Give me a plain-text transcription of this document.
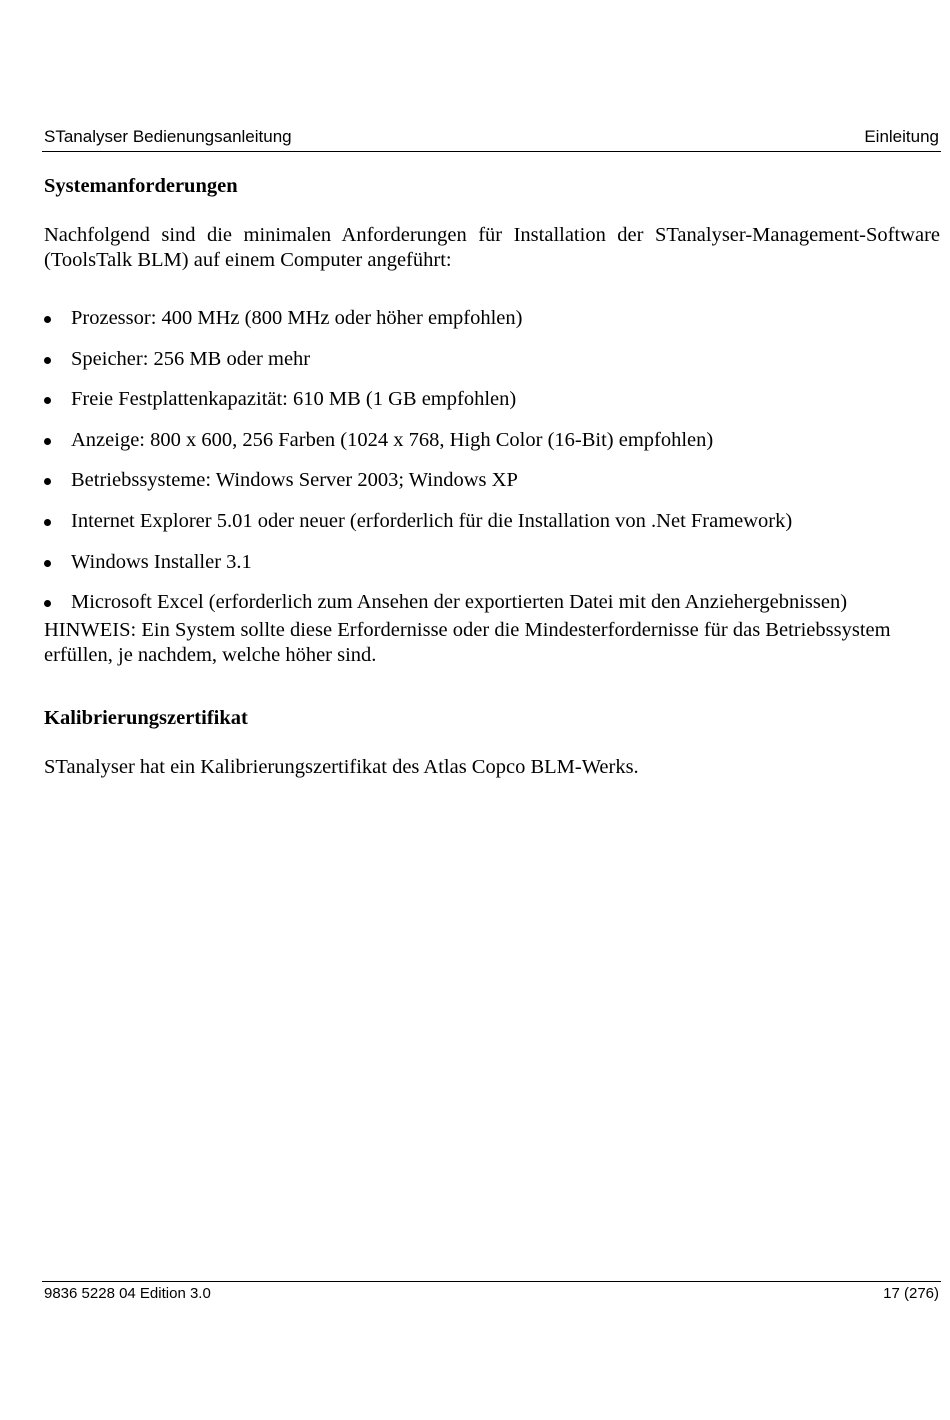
STanalyser Bedienungsanleitung	Einleitung
Systemanforderungen
Nachfolgend sind die minimalen Anforderungen für Installation der STanalyser-Management-Software (ToolsTalk BLM) auf einem Computer angeführt:
Prozessor: 400 MHz (800 MHz oder höher empfohlen)
Speicher: 256 MB oder mehr
Freie Festplattenkapazität: 610 MB (1 GB empfohlen)
Anzeige: 800 x 600, 256 Farben (1024 x 768, High Color (16-Bit) empfohlen)
Betriebssysteme: Windows Server 2003; Windows XP
Internet Explorer 5.01 oder neuer (erforderlich für die Installation von .Net Framework)
Windows Installer 3.1
Microsoft Excel (erforderlich zum Ansehen der exportierten Datei mit den Anziehergebnissen)
HINWEIS: Ein System sollte diese Erfordernisse oder die Mindesterfordernisse für das Betriebssystem erfüllen, je nachdem, welche höher sind.
Kalibrierungszertifikat
STanalyser hat ein Kalibrierungszertifikat des Atlas Copco BLM-Werks.
9836 5228 04 Edition 3.0	17 (276)
